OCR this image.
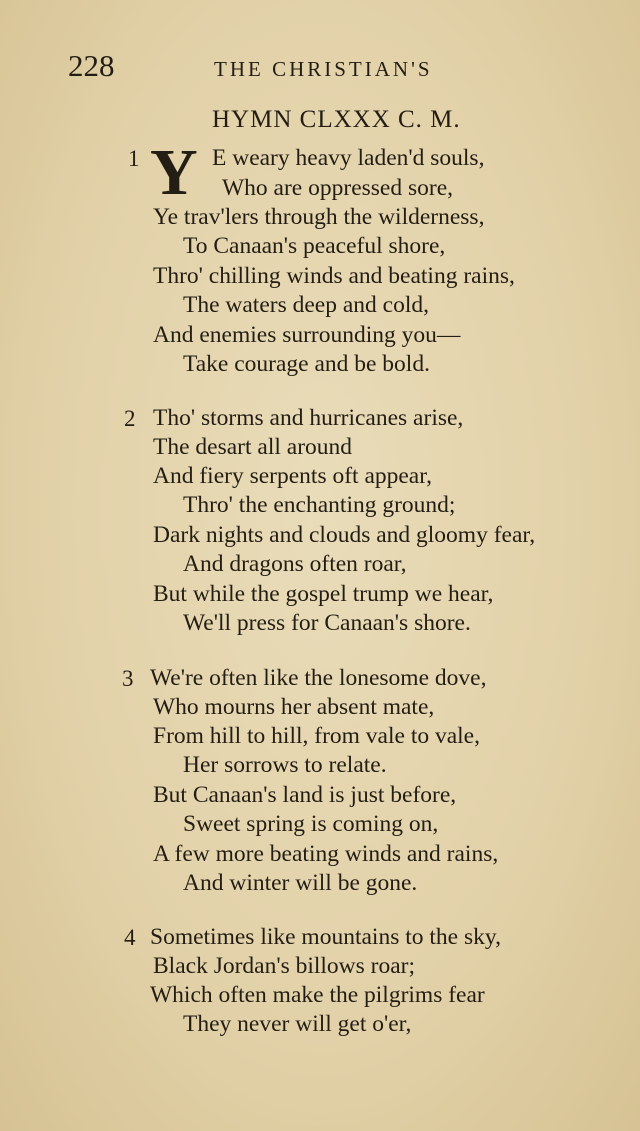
228	THE CHRISTIAN'S
HYMN CLXXX C. M.
1 Y E weary heavy laden'd souls,
Who are oppressed sore,
Ye trav'lers through the wilderness,
To Canaan's peaceful shore,
Thro' chilling winds and beating rains,
The waters deep and cold,
And enemies surrounding you—
Take courage and be bold.
2 Tho' storms and hurricanes arise,
The desart all around
And fiery serpents oft appear,
Thro' the enchanting ground;
Dark nights and clouds and gloomy fear,
And dragons often roar,
But while the gospel trump we hear,
We'll press for Canaan's shore.
3 We're often like the lonesome dove,
Who mourns her absent mate,
From hill to hill, from vale to vale,
Her sorrows to relate.
But Canaan's land is just before,
Sweet spring is coming on,
A few more beating winds and rains,
And winter will be gone.
4 Sometimes like mountains to the sky,
Black Jordan's billows roar;
Which often make the pilgrims fear
They never will get o'er,
